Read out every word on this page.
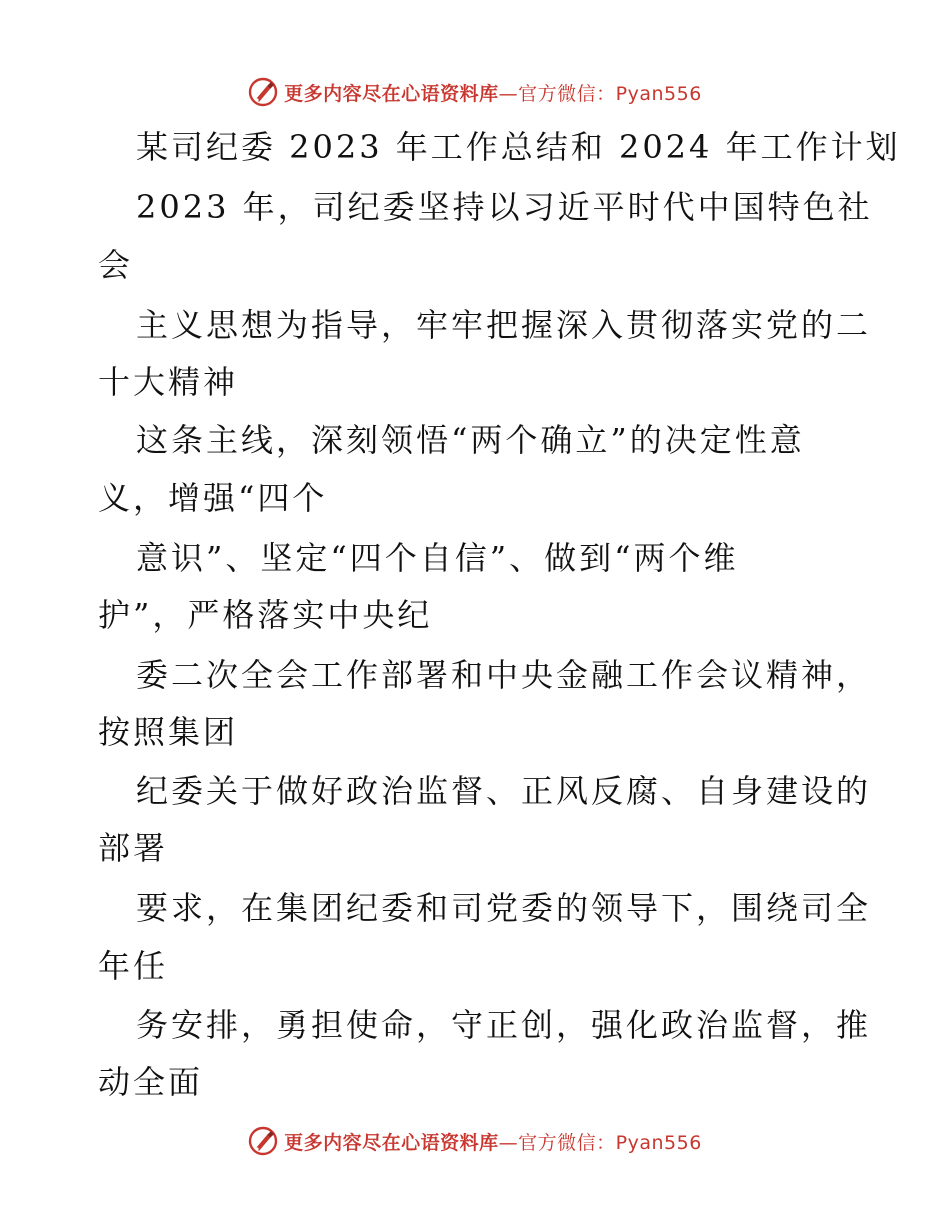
更多内容尽在心语资料库—官方微信：Pyan556
某司纪委 2023 年工作总结和 2024 年工作计划
2023 年，司纪委坚持以习近平时代中国特色社
会
主义思想为指导，牢牢把握深入贯彻落实党的二
十大精神
这条主线，深刻领悟“两个确立”的决定性意
义，增强“四个
意识”、坚定“四个自信”、做到“两个维
护”，严格落实中央纪
委二次全会工作部署和中央金融工作会议精神，
按照集团
纪委关于做好政治监督、正风反腐、自身建设的
部署
要求，在集团纪委和司党委的领导下，围绕司全
年任
务安排，勇担使命，守正创，强化政治监督，推
动全面
更多内容尽在心语资料库—官方微信：Pyan556
